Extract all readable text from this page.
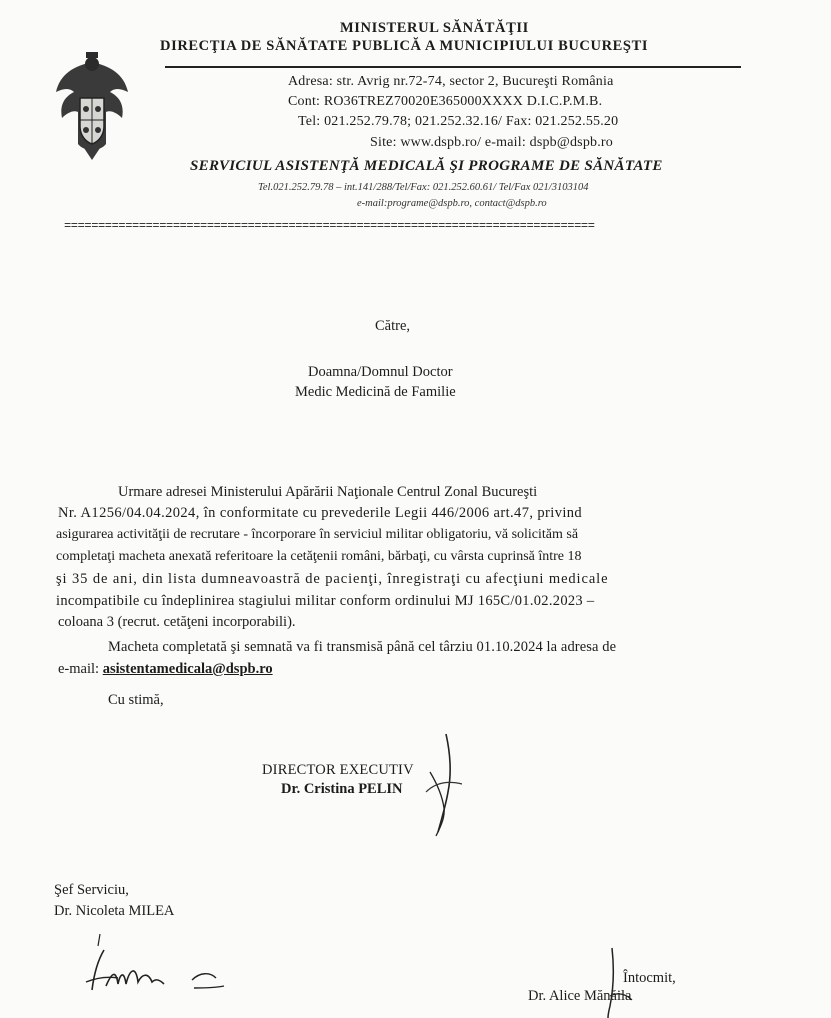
MINISTERUL SĂNĂTĂŢII
DIRECŢIA DE SĂNĂTATE PUBLICĂ A MUNICIPIULUI BUCUREŞTI
Adresa: str. Avrig nr.72-74, sector 2, Bucureşti România
Cont: RO36TREZ70020E365000XXXX D.I.C.P.M.B.
Tel: 021.252.79.78; 021.252.32.16/ Fax: 021.252.55.20
Site: www.dspb.ro/ e-mail: dspb@dspb.ro
SERVICIUL ASISTENŢĂ MEDICALĂ ŞI PROGRAME DE SĂNĂTATE
Tel.021.252.79.78 – int.141/288/Tel/Fax: 021.252.60.61/ Tel/Fax 021/3103104
e-mail:programe@dspb.ro, contact@dspb.ro
==============================================================================
Către,
Doamna/Domnul Doctor
Medic Medicină de Familie
Urmare adresei Ministerului Apărării Naţionale Centrul Zonal Bucureşti
Nr. A1256/04.04.2024, în conformitate cu prevederile Legii 446/2006 art.47, privind
asigurarea activităţii de recrutare - încorporare în serviciul militar obligatoriu, vă solicităm să
completaţi macheta anexată referitoare la cetăţenii români, bărbaţi, cu vârsta cuprinsă între 18
şi 35 de ani, din lista dumneavoastră de pacienţi, înregistraţi cu afecţiuni medicale
incompatibile cu îndeplinirea stagiului militar conform ordinului MJ 165C/01.02.2023 –
coloana 3 (recrut. cetăţeni incorporabili).
Macheta completată şi semnată va fi transmisă până cel târziu 01.10.2024 la adresa de
e-mail: asistentamedicala@dspb.ro
Cu stimă,
DIRECTOR EXECUTIV
Dr. Cristina PELIN
Şef Serviciu,
Dr. Nicoleta MILEA
Întocmit,
Dr. Alice Mănăila
